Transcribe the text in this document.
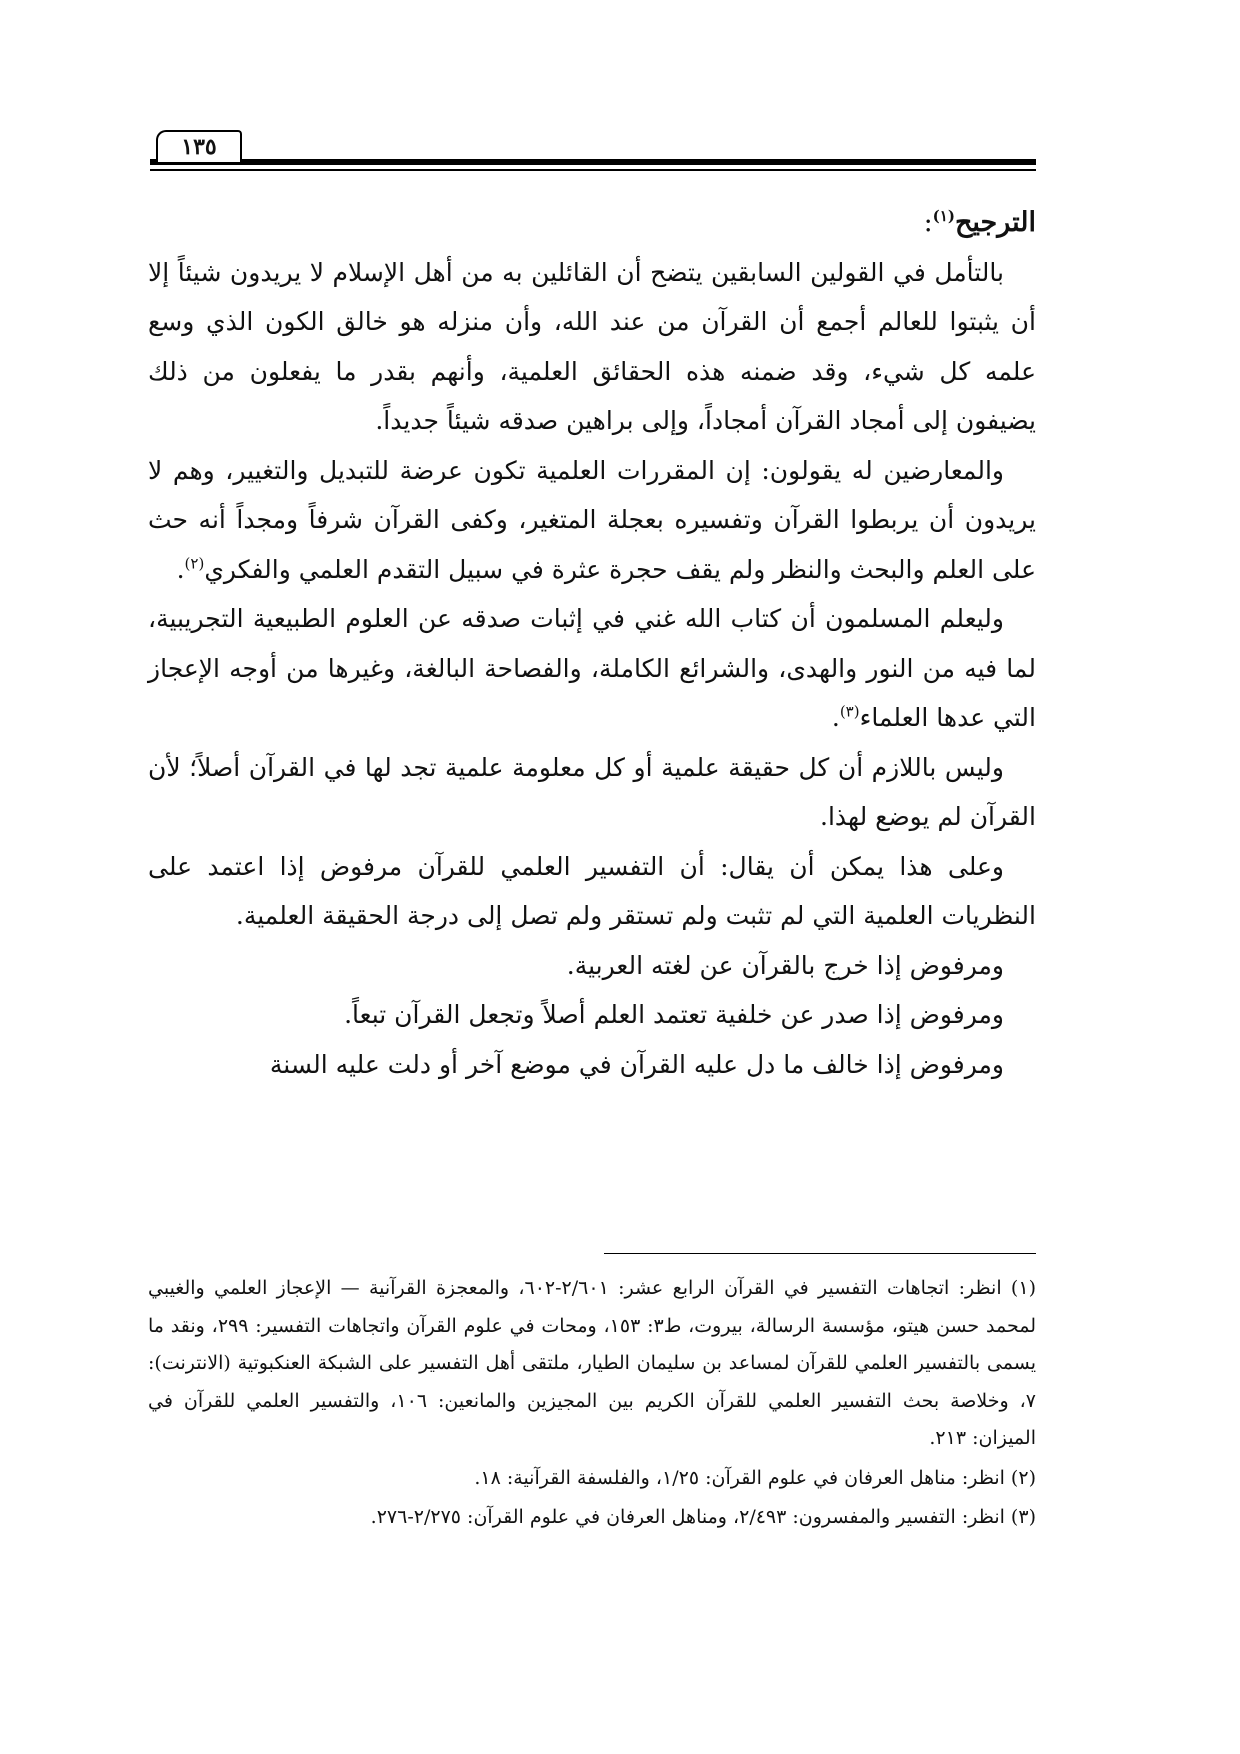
١٣٥

الترجيح$^{(١)}$:

بالتأمل في القولين السابقين يتضح أن القائلين به من أهل الإسلام لا يريدون شيئاً إلا أن يثبتوا للعالم أجمع أن القرآن من عند الله، وأن منزله هو خالق الكون الذي وسع علمه كل شيء، وقد ضمنه هذه الحقائق العلمية، وأنهم بقدر ما يفعلون من ذلك يضيفون إلى أمجاد القرآن أمجاداً، وإلى براهين صدقه شيئاً جديداً.

والمعارضين له يقولون: إن المقررات العلمية تكون عرضة للتبديل والتغيير، وهم لا يريدون أن يربطوا القرآن وتفسيره بعجلة المتغير، وكفى القرآن شرفاً ومجداً أنه حث على العلم والبحث والنظر ولم يقف حجرة عثرة في سبيل التقدم العلمي والفكري$^{(٢)}$.

وليعلم المسلمون أن كتاب الله غني في إثبات صدقه عن العلوم الطبيعية التجريبية، لما فيه من النور والهدى، والشرائع الكاملة، والفصاحة البالغة، وغيرها من أوجه الإعجاز التي عدها العلماء$^{(٣)}$.

وليس باللازم أن كل حقيقة علمية أو كل معلومة علمية تجد لها في القرآن أصلاً؛ لأن القرآن لم يوضع لهذا.

وعلى هذا يمكن أن يقال: أن التفسير العلمي للقرآن مرفوض إذا اعتمد على النظريات العلمية التي لم تثبت ولم تستقر ولم تصل إلى درجة الحقيقة العلمية.

ومرفوض إذا خرج بالقرآن عن لغته العربية.

ومرفوض إذا صدر عن خلفية تعتمد العلم أصلاً وتجعل القرآن تبعاً.

ومرفوض إذا خالف ما دل عليه القرآن في موضع آخر أو دلت عليه السنة

(١) انظر: اتجاهات التفسير في القرآن الرابع عشر: ٢/٦٠١-٦٠٢، والمعجزة القرآنية — الإعجاز العلمي والغيبي لمحمد حسن هيتو، مؤسسة الرسالة، بيروت، ط٣: ١٥٣، ومحات في علوم القرآن واتجاهات التفسير: ٢٩٩، ونقد ما يسمى بالتفسير العلمي للقرآن لمساعد بن سليمان الطيار، ملتقى أهل التفسير على الشبكة العنكبوتية (الانترنت): ٧، وخلاصة بحث التفسير العلمي للقرآن الكريم بين المجيزين والمانعين: ١٠٦، والتفسير العلمي للقرآن في الميزان: ٢١٣.

(٢) انظر: مناهل العرفان في علوم القرآن: ١/٢٥، والفلسفة القرآنية: ١٨.

(٣) انظر: التفسير والمفسرون: ٢/٤٩٣، ومناهل العرفان في علوم القرآن: ٢/٢٧٥-٢٧٦.
